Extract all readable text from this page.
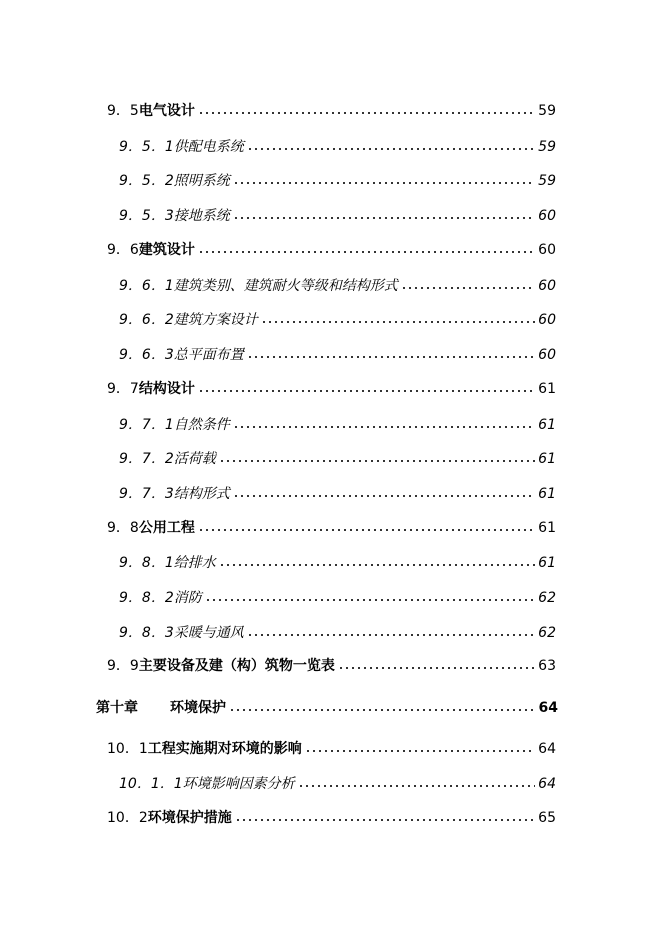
9．5 电气设计	59
9．5．1 供配电系统	59
9．5．2 照明系统	59
9．5．3 接地系统	60
9．6 建筑设计	60
9．6．1 建筑类别、建筑耐火等级和结构形式	60
9．6．2 建筑方案设计	60
9．6．3 总平面布置	60
9．7 结构设计	61
9．7．1 自然条件	61
9．7．2 活荷载	61
9．7．3 结构形式	61
9．8 公用工程	61
9．8．1 给排水	61
9．8．2 消防	62
9．8．3 采暖与通风	62
9．9 主要设备及建（构）筑物一览表	63
第十章 环境保护	64
10．1 工程实施期对环境的影响	64
10．1．1 环境影响因素分析	64
10．2 环境保护措施	65
